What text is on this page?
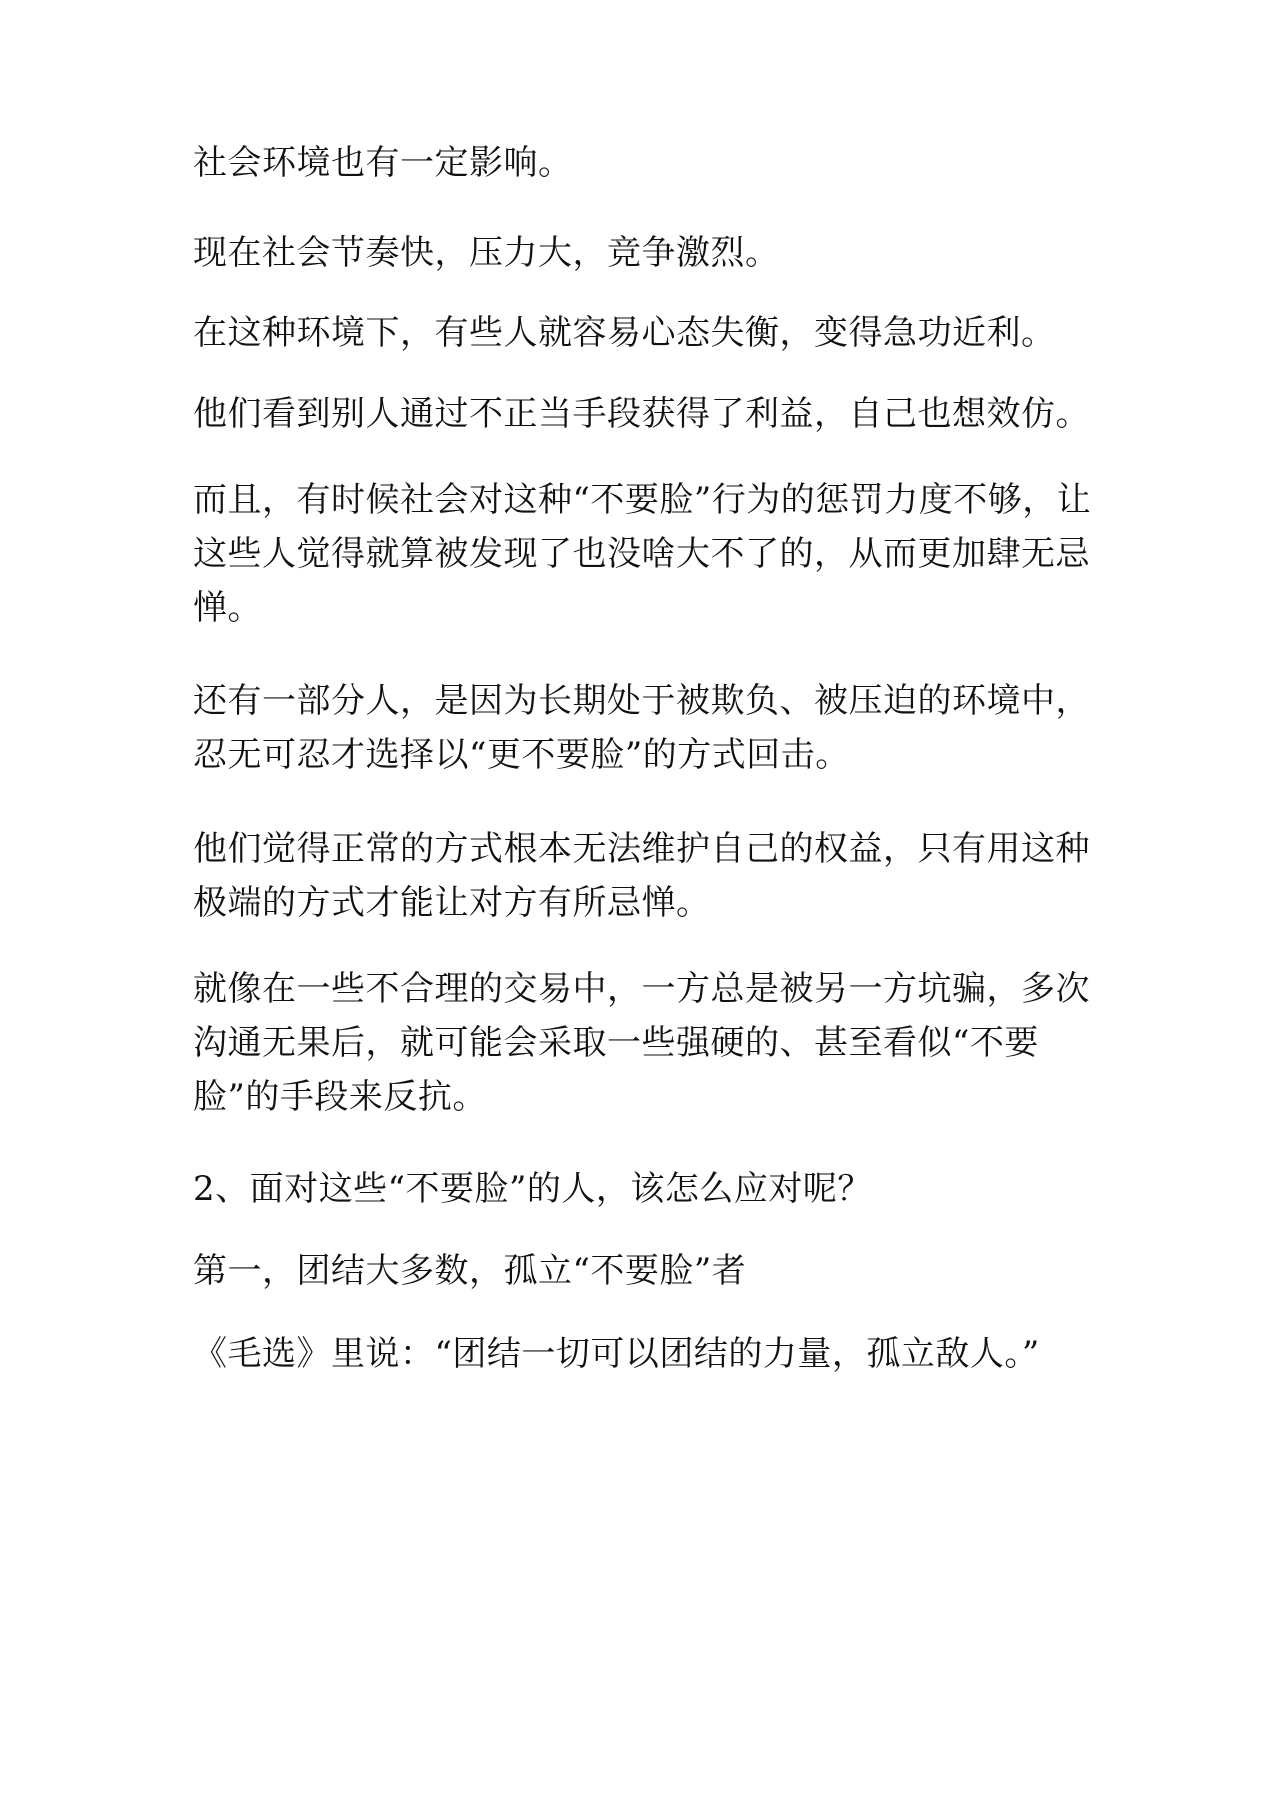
社会环境也有一定影响。

现在社会节奏快，压力大，竞争激烈。

在这种环境下，有些人就容易心态失衡，变得急功近利。

他们看到别人通过不正当手段获得了利益，自己也想效仿。

而且，有时候社会对这种“不要脸”行为的惩罚力度不够，让这些人觉得就算被发现了也没啥大不了的，从而更加肆无忌惮。

还有一部分人，是因为长期处于被欺负、被压迫的环境中，忍无可忍才选择以“更不要脸”的方式回击。

他们觉得正常的方式根本无法维护自己的权益，只有用这种极端的方式才能让对方有所忌惮。

就像在一些不合理的交易中，一方总是被另一方坑骗，多次沟通无果后，就可能会采取一些强硬的、甚至看似“不要脸”的手段来反抗。

2、面对这些“不要脸”的人，该怎么应对呢？

第一，团结大多数，孤立“不要脸”者

《毛选》里说：“团结一切可以团结的力量，孤立敌人。”
